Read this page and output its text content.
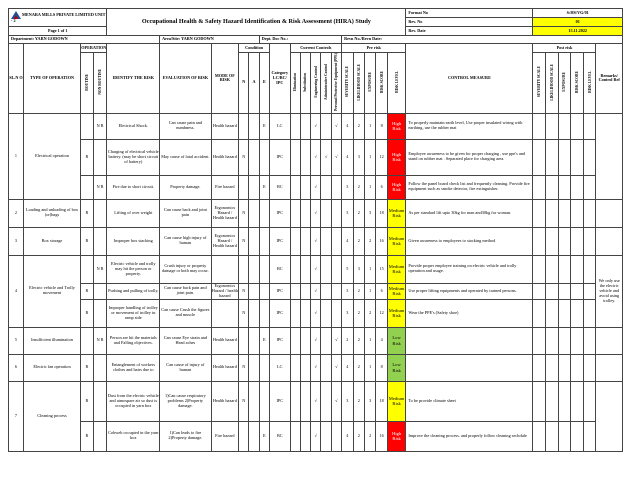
MENARA MILLS PRIVATE LIMITED UNIT - 2				Occupational Health & Safety Hazard Identification & Risk Assessment (HIRA) Study																	Format No	S:HS/VG/01					
																					Rev. No	01					
Page 1 of 1																					Rev. Date	15.11.2022					
Department: YARN GODOWN					Area/Site: YARN GODOWN				Dept. Doc No.:							Revn No./Revn Date:											
SL.N O	TYPE OF OPERATION	OPERATION		IDENTIFY THE RISK	EVALUATION OF RISK	MODE OF RISK	Condition			Category LC/BC/ IPC	Current Controls					Pre risk					CONTROL MEASURE	Post risk					Remarks/ Control Ref
		ROUTINE	NON ROUTINE				N	A	E		Elimination	Substitution	Engineering Control	Administrative Control	Personal Protective Equipment (PPE)	SEVERITY SCALE	LIKELIHOOD SCALE	EXPOSURE	RISK SCORE	RISK LEVEL		SEVERITY SCALE	LIKELIHOOD SCALE	EXPOSURE	RISK SCORE	RISK LEVEL	

1	Electrical operation		N R	Electrical Shock.	Can cause pain and numbness.	Health hazard			E	LC			√		√	4	2	1	8	High Risk	To properly maintain earth level, Use proper insulated wiring with earthing, use the rubber mat						
		R		Charging of electrical vehicle battery. (may be short circuit of battery)	May cause of fatal accident.	Health hazard	N			IPC			√	√	√	4	3	1	12	High Risk	Employee awareness to be given for proper charging , use ppe's and stand on rubber mat . Separated place for charging area.						
			N R	Fire due to short circuit.	Property damage.	Fire hazard			E	BC			√			3	2	1	6	High Risk	Follow the panel board check list and frequently cleaning. Provide fire equipment such as smoke detector, fire extinguisher.						
2	Loading and unloading of box (or)bags	R		Lifting of over weight	Can cause back and joint pain	Ergonomics Hazard / Health hazard	N			IPC			√			3	2	3	18	Medium Risk	As per standard lift upto 30kg for man and30kg for woman.						
3	Box storage	R		Improper box stacking	Can cause high injury of human	Ergonomics Hazard / Health hazard	N			IPC			√			4	2	2	16	Medium Risk	Given awareness to employees to stacking method						
4	Electric vehicle and Trolly movement		N R	Electric vehicle and trolly may hit the person or property.	Crush injury or property damage or both may occur.					BC			√			5	3	1	15	Medium Risk	Provide proper employee training on electric vehicle and trolly operation and usage.						We only use the electric vehicle and avoid using trolley.
		R		Pushing and pulling of trolly.	Can cause back pain and joint pain.	Ergonomics Hazard / health hazard	N			IPC			√			3	2	1	6	Medium Risk	Use proper lifting equipments and operated by trained persons.						
		R		Improper handling of trolley or movement of trolley in ramp side	Can cause Crush the figures and muscle		N			IPC			√			3	2	2	12	Medium Risk	Wear the PPE's (Safety shoe)						
5	Insufficient illumination		N R	Person are hit the materials and Falling objectives.	Can cause Eye strain and Head aches	Health hazard			E	IPC			√		√	2	2	1	4	Low Risk							
6	Electric fan operation	R		Entanglement of workers clothes and hairs due to	Can cause of injury of human	Health hazard	N			LC			√		√	4	2	1	8	Low Risk							
7	Cleaning process	R		Dust from the electric vehicle and atmospare air so dust is occupied in yarn box	1)Can cause respiratory problems 2)Property damage.	Health hazard	N			IPC			√		√	3	2	3	18	Medium Risk	To be provide climate sheet						
		R		Cobweb occupied in the yarn box	1)Can leads to fire 2)Property damage.	Fire hazard			E	BC			√			4	2	2	16	High Risk	Improve the cleaning process. and properly follow cleaning sechdule						
